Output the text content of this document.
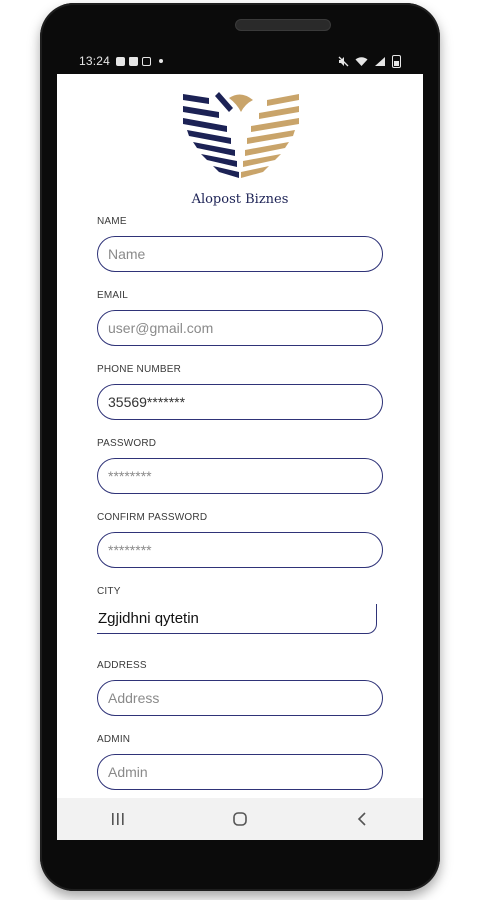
13:24
Alopost Biznes
NAME
Name
EMAIL
user@gmail.com
PHONE NUMBER
35569*******
PASSWORD
********
CONFIRM PASSWORD
********
CITY
Zgjidhni qytetin
ADDRESS
Address
ADMIN
Admin
